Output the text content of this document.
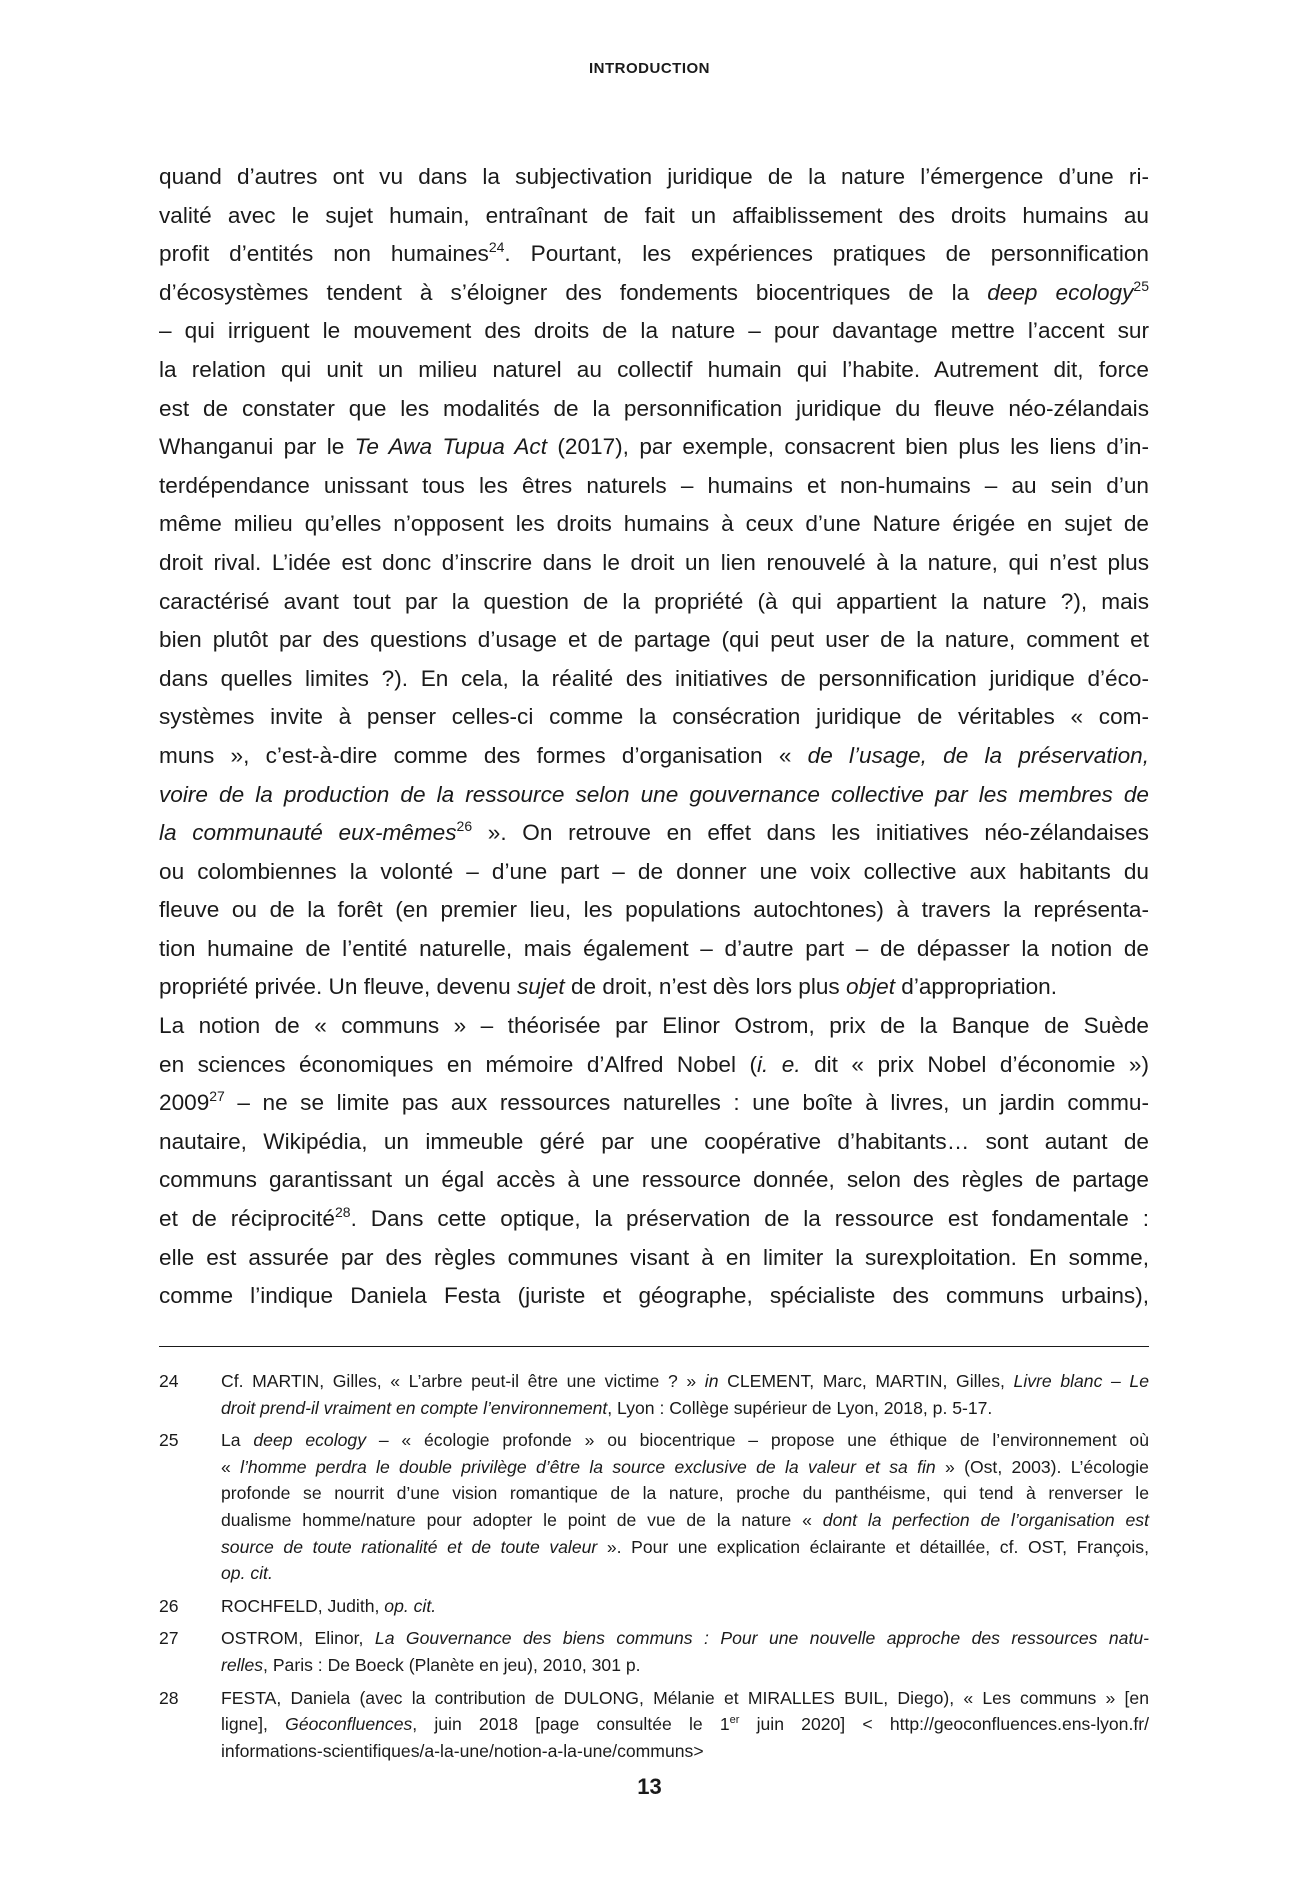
INTRODUCTION
quand d’autres ont vu dans la subjectivation juridique de la nature l’émergence d’une ri-
valité avec le sujet humain, entraînant de fait un affaiblissement des droits humains au
profit d’entités non humaines$^{24}$. Pourtant, les expériences pratiques de personnification
d’écosystèmes tendent à s’éloigner des fondements biocentriques de la deep ecology$^{25}$
– qui irriguent le mouvement des droits de la nature – pour davantage mettre l’accent sur
la relation qui unit un milieu naturel au collectif humain qui l’habite. Autrement dit, force
est de constater que les modalités de la personnification juridique du fleuve néo-zélandais
Whanganui par le Te Awa Tupua Act (2017), par exemple, consacrent bien plus les liens d’in-
terdépendance unissant tous les êtres naturels – humains et non-humains – au sein d’un
même milieu qu’elles n’opposent les droits humains à ceux d’une Nature érigée en sujet de
droit rival. L’idée est donc d’inscrire dans le droit un lien renouvelé à la nature, qui n’est plus
caractérisé avant tout par la question de la propriété (à qui appartient la nature ?), mais
bien plutôt par des questions d’usage et de partage (qui peut user de la nature, comment et
dans quelles limites ?). En cela, la réalité des initiatives de personnification juridique d’éco-
systèmes invite à penser celles-ci comme la consécration juridique de véritables « com-
muns », c’est-à-dire comme des formes d’organisation « de l’usage, de la préservation,
voire de la production de la ressource selon une gouvernance collective par les membres de
la communauté eux-mêmes$^{26}$ ». On retrouve en effet dans les initiatives néo-zélandaises
ou colombiennes la volonté – d’une part – de donner une voix collective aux habitants du
fleuve ou de la forêt (en premier lieu, les populations autochtones) à travers la représenta-
tion humaine de l’entité naturelle, mais également – d’autre part – de dépasser la notion de
propriété privée. Un fleuve, devenu sujet de droit, n’est dès lors plus objet d’appropriation.
La notion de « communs » – théorisée par Elinor Ostrom, prix de la Banque de Suède
en sciences économiques en mémoire d’Alfred Nobel (i. e. dit « prix Nobel d’économie »)
2009$^{27}$ – ne se limite pas aux ressources naturelles : une boîte à livres, un jardin commu-
nautaire, Wikipédia, un immeuble géré par une coopérative d’habitants… sont autant de
communs garantissant un égal accès à une ressource donnée, selon des règles de partage
et de réciprocité$^{28}$. Dans cette optique, la préservation de la ressource est fondamentale :
elle est assurée par des règles communes visant à en limiter la surexploitation. En somme,
comme l’indique Daniela Festa (juriste et géographe, spécialiste des communs urbains),
24 Cf. MARTIN, Gilles, « L’arbre peut-il être une victime ? » in CLEMENT, Marc, MARTIN, Gilles, Livre blanc – Le
droit prend-il vraiment en compte l’environnement, Lyon : Collège supérieur de Lyon, 2018, p. 5-17.
25 La deep ecology – « écologie profonde » ou biocentrique – propose une éthique de l’environnement où
« l’homme perdra le double privilège d’être la source exclusive de la valeur et sa fin » (Ost, 2003). L’écologie
profonde se nourrit d’une vision romantique de la nature, proche du panthéisme, qui tend à renverser le
dualisme homme/nature pour adopter le point de vue de la nature « dont la perfection de l’organisation est
source de toute rationalité et de toute valeur ». Pour une explication éclairante et détaillée, cf. OST, François,
op. cit.
26 ROCHFELD, Judith, op. cit.
27 OSTROM, Elinor, La Gouvernance des biens communs : Pour une nouvelle approche des ressources natu-
relles, Paris : De Boeck (Planète en jeu), 2010, 301 p.
28 FESTA, Daniela (avec la contribution de DULONG, Mélanie et MIRALLES BUIL, Diego), « Les communs » [en
ligne], Géoconfluences, juin 2018 [page consultée le 1er juin 2020] < http://geoconfluences.ens-lyon.fr/
informations-scientifiques/a-la-une/notion-a-la-une/communs>
13
